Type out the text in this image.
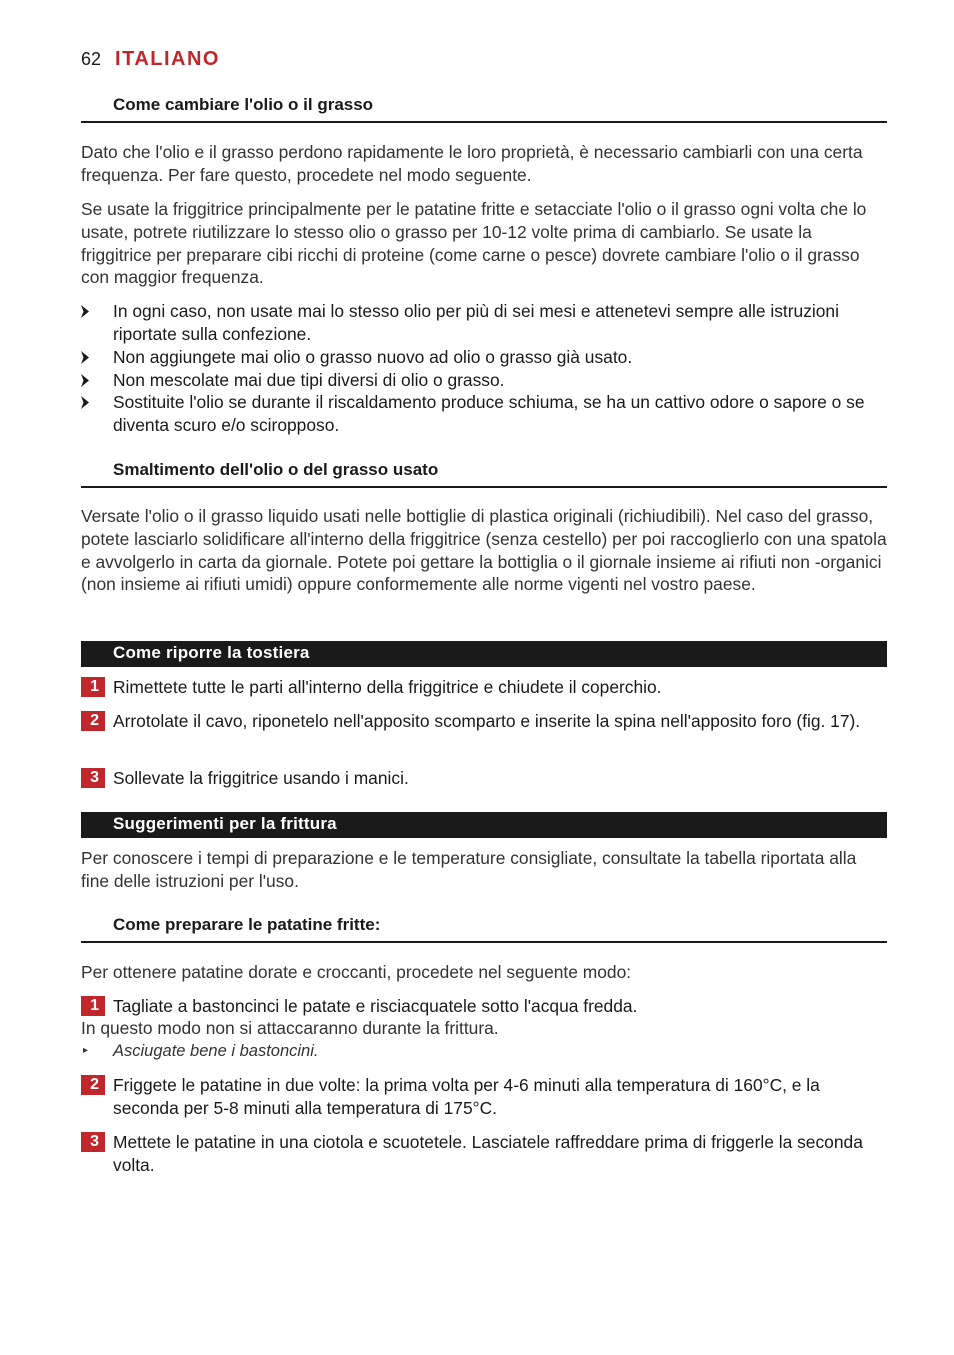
62 ITALIANO
Come cambiare l'olio o il grasso
Dato che l'olio e il grasso perdono rapidamente le loro proprietà, è necessario cambiarli con una certa frequenza. Per fare questo, procedete nel modo seguente.
Se usate la friggitrice principalmente per le patatine fritte e setacciate l'olio o il grasso ogni volta che lo usate, potrete riutilizzare lo stesso olio o grasso per 10-12 volte prima di cambiarlo. Se usate la friggitrice per preparare cibi ricchi di proteine (come carne o pesce) dovrete cambiare l'olio o il grasso con maggior frequenza.
In ogni caso, non usate mai lo stesso olio per più di sei mesi e attenetevi sempre alle istruzioni riportate sulla confezione.
Non aggiungete mai olio o grasso nuovo ad olio o grasso già usato.
Non mescolate mai due tipi diversi di olio o grasso.
Sostituite l'olio se durante il riscaldamento produce schiuma, se ha un cattivo odore o sapore o se diventa scuro e/o sciropposo.
Smaltimento dell'olio o del grasso usato
Versate l'olio o il grasso liquido usati nelle bottiglie di plastica originali (richiudibili). Nel caso del grasso, potete lasciarlo solidificare all'interno della friggitrice (senza cestello) per poi raccoglierlo con una spatola e avvolgerlo in carta da giornale. Potete poi gettare la bottiglia o il giornale insieme ai rifiuti non -organici (non insieme ai rifiuti umidi) oppure conformemente alle norme vigenti nel vostro paese.
Come riporre la tostiera
1 Rimettete tutte le parti all'interno della friggitrice e chiudete il coperchio.
2 Arrotolate il cavo, riponetelo nell'apposito scomparto e inserite la spina nell'apposito foro (fig. 17).
3 Sollevate la friggitrice usando i manici.
Suggerimenti per la frittura
Per conoscere i tempi di preparazione e le temperature consigliate, consultate la tabella riportata alla fine delle istruzioni per l'uso.
Come preparare le patatine fritte:
Per ottenere patatine dorate e croccanti, procedete nel seguente modo:
1 Tagliate a bastoncinci le patate e risciacquatele sotto l'acqua fredda.
In questo modo non si attaccaranno durante la frittura.
▸ Asciugate bene i bastoncini.
2 Friggete le patatine in due volte: la prima volta per 4-6 minuti alla temperatura di 160°C, e la seconda per 5-8 minuti alla temperatura di 175°C.
3 Mettete le patatine in una ciotola e scuotetele. Lasciatele raffreddare prima di friggerle la seconda volta.
